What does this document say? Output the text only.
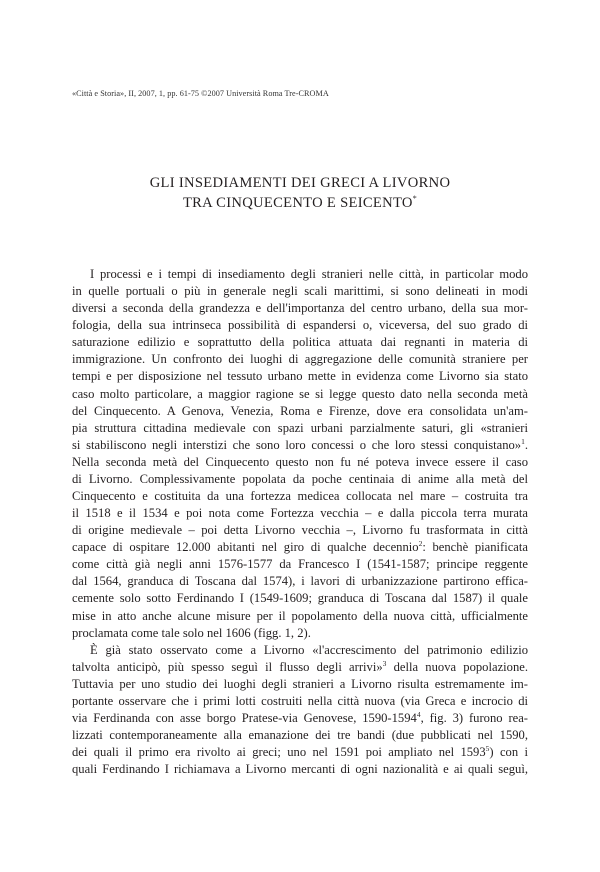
«Città e Storia», II, 2007, 1, pp. 61-75 ©2007 Università Roma Tre-CROMA
GLI INSEDIAMENTI DEI GRECI A LIVORNO
TRA CINQUECENTO E SEICENTO*
I processi e i tempi di insediamento degli stranieri nelle città, in particolar modo
in quelle portuali o più in generale negli scali marittimi, si sono delineati in modi
diversi a seconda della grandezza e dell'importanza del centro urbano, della sua mor-
fologia, della sua intrinseca possibilità di espandersi o, viceversa, del suo grado di
saturazione edilizio e soprattutto della politica attuata dai regnanti in materia di
immigrazione. Un confronto dei luoghi di aggregazione delle comunità straniere per
tempi e per disposizione nel tessuto urbano mette in evidenza come Livorno sia stato
caso molto particolare, a maggior ragione se si legge questo dato nella seconda metà
del Cinquecento. A Genova, Venezia, Roma e Firenze, dove era consolidata un'am-
pia struttura cittadina medievale con spazi urbani parzialmente saturi, gli «stranieri
si stabiliscono negli interstizi che sono loro concessi o che loro stessi conquistano»$^1$.
Nella seconda metà del Cinquecento questo non fu né poteva invece essere il caso
di Livorno. Complessivamente popolata da poche centinaia di anime alla metà del
Cinquecento e costituita da una fortezza medicea collocata nel mare – costruita tra
il 1518 e il 1534 e poi nota come Fortezza vecchia – e dalla piccola terra murata
di origine medievale – poi detta Livorno vecchia –, Livorno fu trasformata in città
capace di ospitare 12.000 abitanti nel giro di qualche decennio$^2$: benchè pianificata
come città già negli anni 1576-1577 da Francesco I (1541-1587; principe reggente
dal 1564, granduca di Toscana dal 1574), i lavori di urbanizzazione partirono effica-
cemente solo sotto Ferdinando I (1549-1609; granduca di Toscana dal 1587) il quale
mise in atto anche alcune misure per il popolamento della nuova città, ufficialmente
proclamata come tale solo nel 1606 (figg. 1, 2).
È già stato osservato come a Livorno «l'accrescimento del patrimonio edilizio
talvolta anticipò, più spesso seguì il flusso degli arrivi»$^3$ della nuova popolazione.
Tuttavia per uno studio dei luoghi degli stranieri a Livorno risulta estremamente im-
portante osservare che i primi lotti costruiti nella città nuova (via Greca e incrocio di
via Ferdinanda con asse borgo Pratese-via Genovese, 1590-1594$^4$, fig. 3) furono rea-
lizzati contemporaneamente alla emanazione dei tre bandi (due pubblicati nel 1590,
dei quali il primo era rivolto ai greci; uno nel 1591 poi ampliato nel 1593$^5$) con i
quali Ferdinando I richiamava a Livorno mercanti di ogni nazionalità e ai quali seguì,
